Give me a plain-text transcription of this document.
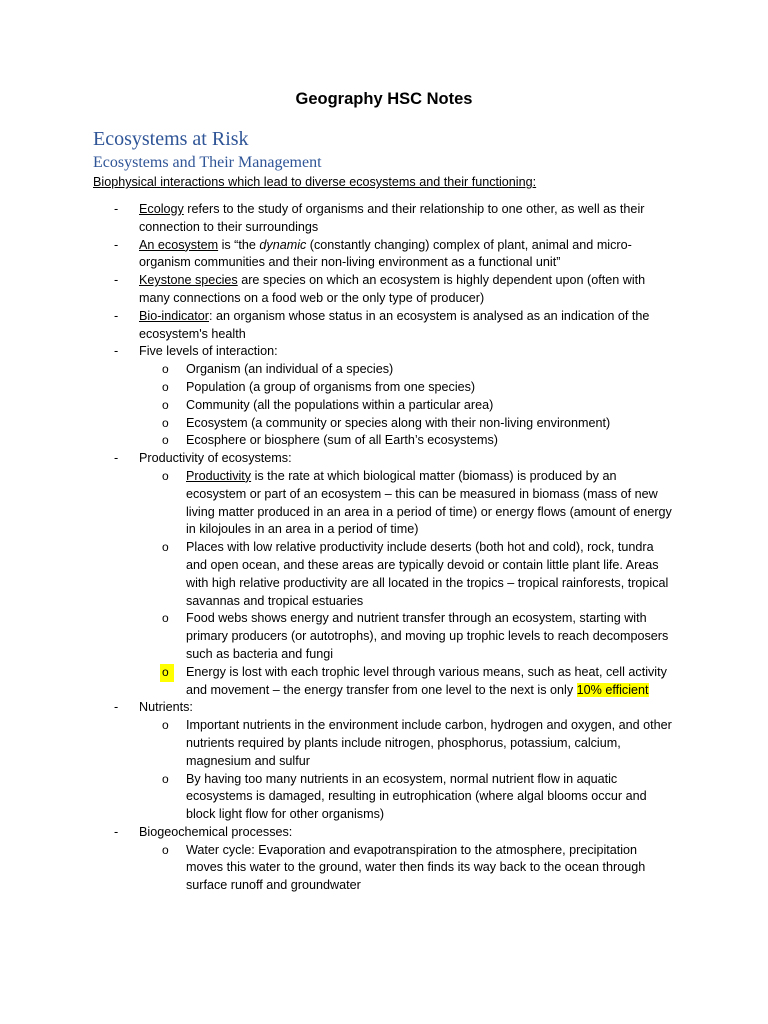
Geography HSC Notes
Ecosystems at Risk
Ecosystems and Their Management
Biophysical interactions which lead to diverse ecosystems and their functioning:
- Ecology refers to the study of organisms and their relationship to one other, as well as their connection to their surroundings
- An ecosystem is “the dynamic (constantly changing) complex of plant, animal and micro-organism communities and their non-living environment as a functional unit”
- Keystone species are species on which an ecosystem is highly dependent upon (often with many connections on a food web or the only type of producer)
- Bio-indicator: an organism whose status in an ecosystem is analysed as an indication of the ecosystem's health
- Five levels of interaction:
o Organism (an individual of a species)
o Population (a group of organisms from one species)
o Community (all the populations within a particular area)
o Ecosystem (a community or species along with their non-living environment)
o Ecosphere or biosphere (sum of all Earth’s ecosystems)
- Productivity of ecosystems:
o Productivity is the rate at which biological matter (biomass) is produced by an ecosystem or part of an ecosystem – this can be measured in biomass (mass of new living matter produced in an area in a period of time) or energy flows (amount of energy in kilojoules in an area in a period of time)
o Places with low relative productivity include deserts (both hot and cold), rock, tundra and open ocean, and these areas are typically devoid or contain little plant life. Areas with high relative productivity are all located in the tropics – tropical rainforests, tropical savannas and tropical estuaries
o Food webs shows energy and nutrient transfer through an ecosystem, starting with primary producers (or autotrophs), and moving up trophic levels to reach decomposers such as bacteria and fungi
o	Energy is lost with each trophic level through various means, such as heat, cell activity and movement – the energy transfer from one level to the next is only 10% efficient
- Nutrients:
o Important nutrients in the environment include carbon, hydrogen and oxygen, and other nutrients required by plants include nitrogen, phosphorus, potassium, calcium, magnesium and sulfur
o By having too many nutrients in an ecosystem, normal nutrient flow in aquatic ecosystems is damaged, resulting in eutrophication (where algal blooms occur and block light flow for other organisms)
- Biogeochemical processes:
o Water cycle: Evaporation and evapotranspiration to the atmosphere, precipitation moves this water to the ground, water then finds its way back to the ocean through surface runoff and groundwater
